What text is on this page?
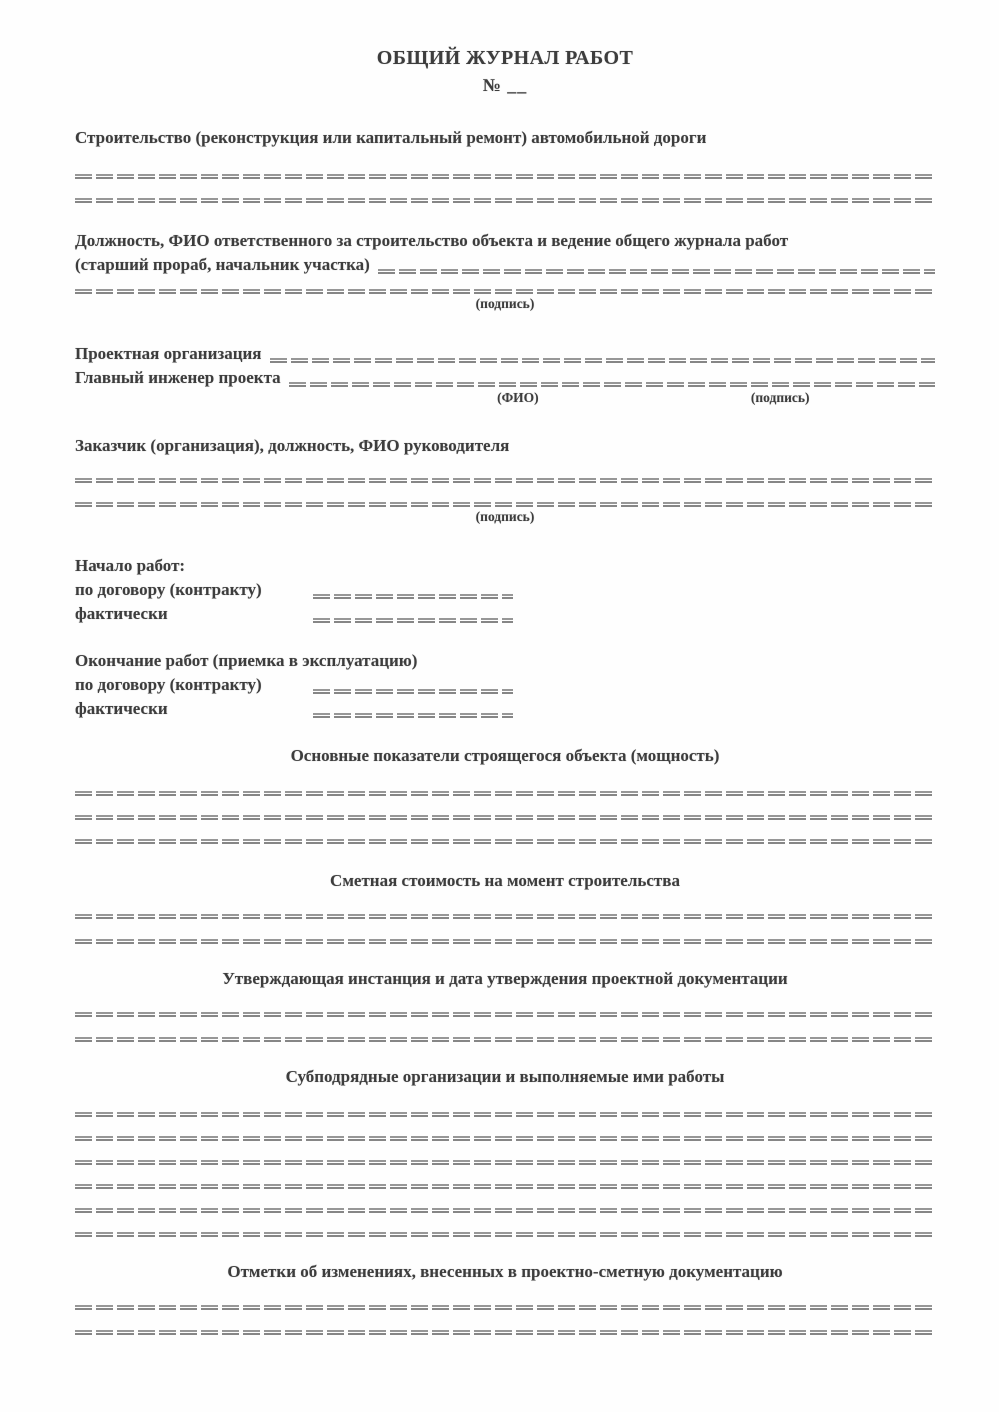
ОБЩИЙ ЖУРНАЛ РАБОТ
№ __
Строительство (реконструкция или капитальный ремонт) автомобильной дороги
Должность, ФИО ответственного за строительство объекта и ведение общего журнала работ
(старший прораб, начальник участка)
(подпись)
Проектная организация
Главный инженер проекта
(ФИО)	(подпись)
Заказчик (организация), должность, ФИО руководителя
(подпись)
Начало работ:
по договору (контракту)
фактически
Окончание работ (приемка в эксплуатацию)
по договору (контракту)
фактически
Основные показатели строящегося объекта (мощность)
Сметная стоимость на момент строительства
Утверждающая инстанция и дата утверждения проектной документации
Субподрядные организации и выполняемые ими работы
Отметки об изменениях, внесенных в проектно-сметную документацию
